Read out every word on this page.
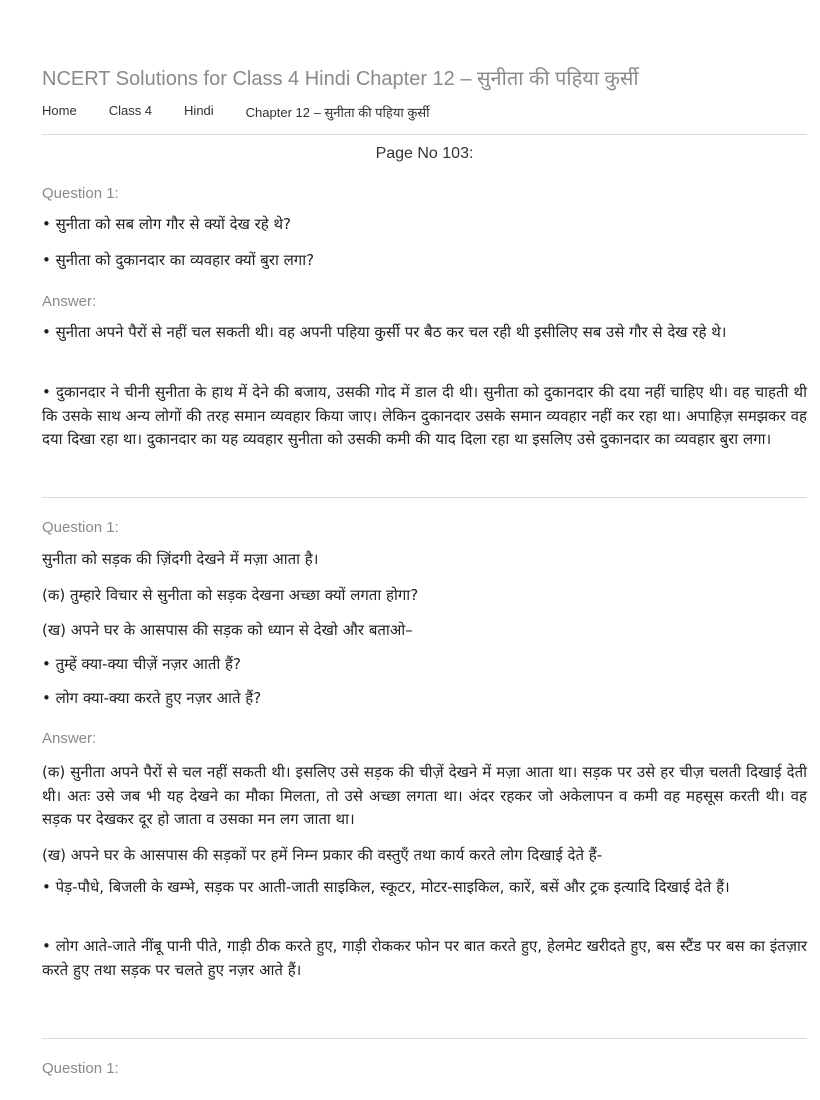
NCERT Solutions for Class 4 Hindi Chapter 12 – सुनीता की पहिया कुर्सी
Home Class 4 Hindi Chapter 12 – सुनीता की पहिया कुर्सी
Page No 103:
Question 1:
• सुनीता को सब लोग गौर से क्यों देख रहे थे?
• सुनीता को दुकानदार का व्यवहार क्यों बुरा लगा?
Answer:
• सुनीता अपने पैरों से नहीं चल सकती थी। वह अपनी पहिया कुर्सी पर बैठ कर चल रही थी इसीलिए सब उसे गौर से देख रहे थे।
• दुकानदार ने चीनी सुनीता के हाथ में देने की बजाय, उसकी गोद में डाल दी थी। सुनीता को दुकानदार की दया नहीं चाहिए थी। वह चाहती थी कि उसके साथ अन्य लोगों की तरह समान व्यवहार किया जाए। लेकिन दुकानदार उसके समान व्यवहार नहीं कर रहा था। अपाहिज़ समझकर वह दया दिखा रहा था। दुकानदार का यह व्यवहार सुनीता को उसकी कमी की याद दिला रहा था इसलिए उसे दुकानदार का व्यवहार बुरा लगा।
Question 1:
सुनीता को सड़क की ज़िंदगी देखने में मज़ा आता है।
(क) तुम्हारे विचार से सुनीता को सड़क देखना अच्छा क्यों लगता होगा?
(ख) अपने घर के आसपास की सड़क को ध्यान से देखो और बताओ–
• तुम्हें क्या-क्या चीज़ें नज़र आती हैं?
• लोग क्या-क्या करते हुए नज़र आते हैं?
Answer:
(क) सुनीता अपने पैरों से चल नहीं सकती थी। इसलिए उसे सड़क की चीज़ें देखने में मज़ा आता था। सड़क पर उसे हर चीज़ चलती दिखाई देती थी। अतः उसे जब भी यह देखने का मौका मिलता, तो उसे अच्छा लगता था। अंदर रहकर जो अकेलापन व कमी वह महसूस करती थी। वह सड़क पर देखकर दूर हो जाता व उसका मन लग जाता था।
(ख) अपने घर के आसपास की सड़कों पर हमें निम्न प्रकार की वस्तुएँ तथा कार्य करते लोग दिखाई देते हैं-
• पेड़-पौधे, बिजली के खम्भे, सड़क पर आती-जाती साइकिल, स्कूटर, मोटर-साइकिल, कारें, बसें और ट्रक इत्यादि दिखाई देते हैं।
• लोग आते-जाते नींबू पानी पीते, गाड़ी ठीक करते हुए, गाड़ी रोककर फोन पर बात करते हुए, हेलमेट खरीदते हुए, बस स्टैंड पर बस का इंतज़ार करते हुए तथा सड़क पर चलते हुए नज़र आते हैं।
Question 1:
